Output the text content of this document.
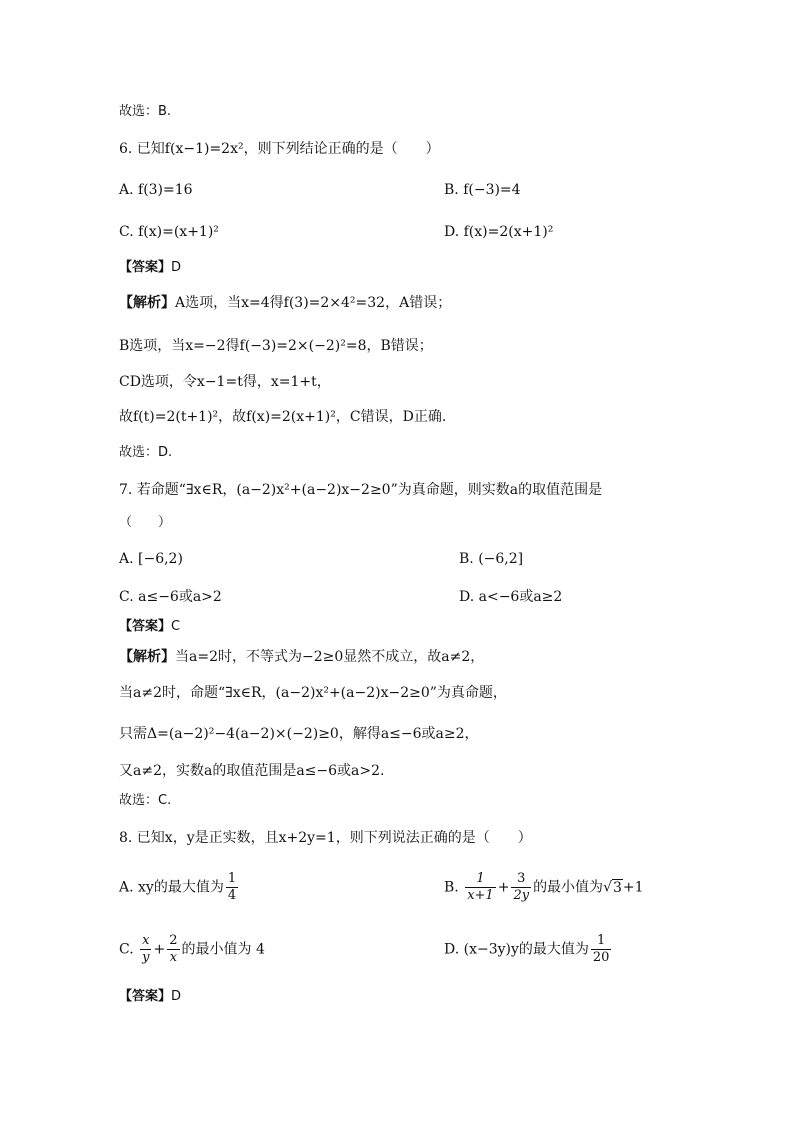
故选：B.
6. 已知f(x−1)=2x²，则下列结论正确的是（　　）
A. f(3)=16	B. f(−3)=4
C. f(x)=(x+1)²	D. f(x)=2(x+1)²
【答案】D
【解析】A选项，当x=4得f(3)=2×4²=32，A错误；
B选项，当x=−2得f(−3)=2×(−2)²=8，B错误；
CD选项，令x−1=t得，x=1+t，
故f(t)=2(t+1)²，故f(x)=2(x+1)²，C错误，D正确.
故选：D.
7. 若命题“∃x∈R，(a−2)x²+(a−2)x−2≥0”为真命题，则实数a的取值范围是
（　　）
A. [−6,2)	B. (−6,2]
C. a≤−6或a>2	D. a<−6或a≥2
【答案】C
【解析】当a=2时，不等式为−2≥0显然不成立，故a≠2，
当a≠2时，命题“∃x∈R，(a−2)x²+(a−2)x−2≥0”为真命题，
只需Δ=(a−2)²−4(a−2)×(−2)≥0，解得a≤−6或a≥2，
又a≠2，实数a的取值范围是a≤−6或a>2.
故选：C.
8. 已知x，y是正实数，且x+2y=1，则下列说法正确的是（　　）
A. xy的最大值为 $\frac{1}{4}$	B. $\frac{1}{x+1} + \frac{3}{2y}$ 的最小值为√3+1
C. $\frac{x}{y} + \frac{2}{x}$ 的最小值为 4	D. (x−3y)y的最大值为 $\frac{1}{20}$
【答案】D
